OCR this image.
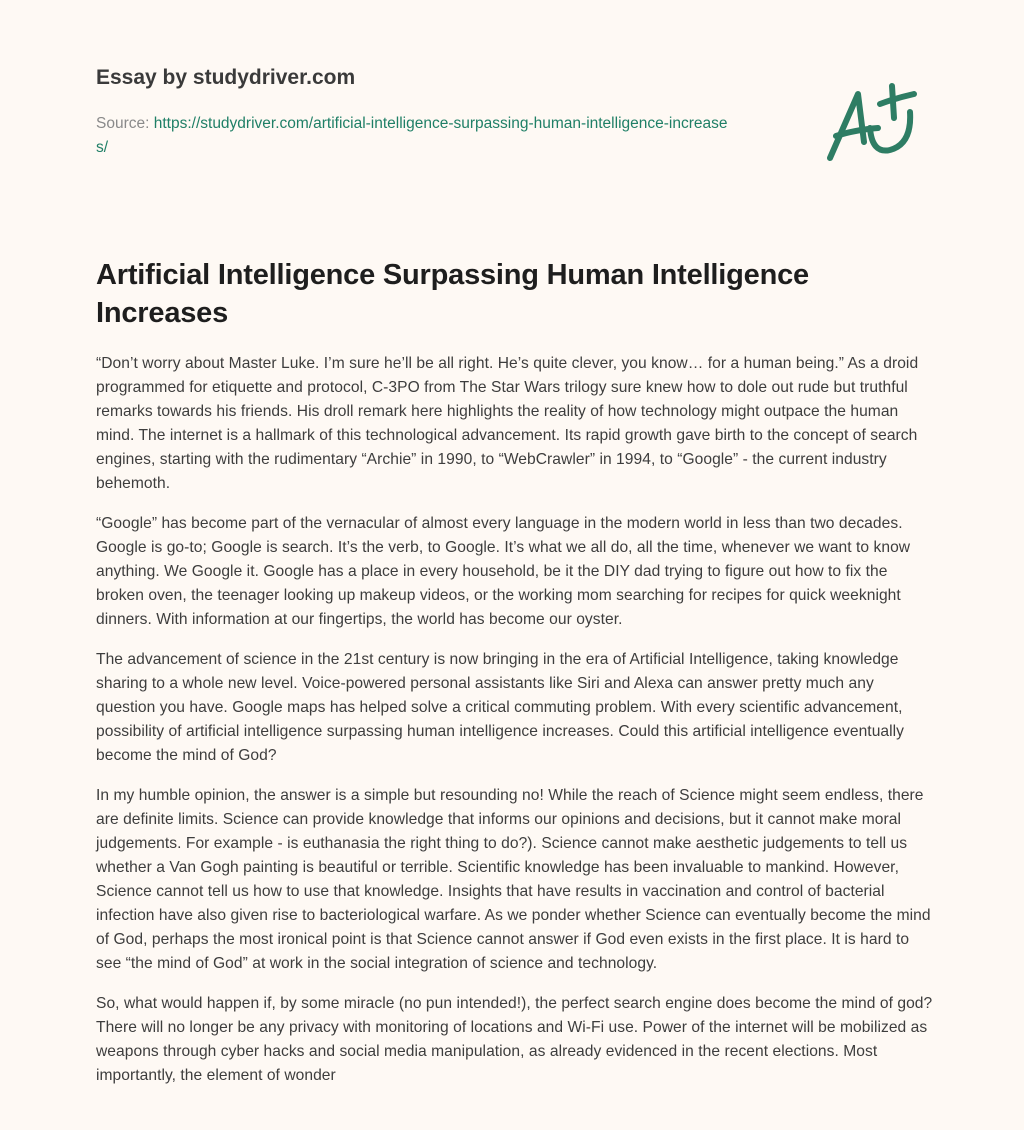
Essay by studydriver.com
Source: https://studydriver.com/artificial-intelligence-surpassing-human-intelligence-increases/
Artificial Intelligence Surpassing Human Intelligence Increases

“Don’t worry about Master Luke. I’m sure he’ll be all right. He’s quite clever, you know… for a human being.” As a droid programmed for etiquette and protocol, C-3PO from The Star Wars trilogy sure knew how to dole out rude but truthful remarks towards his friends. His droll remark here highlights the reality of how technology might outpace the human mind. The internet is a hallmark of this technological advancement. Its rapid growth gave birth to the concept of search engines, starting with the rudimentary “Archie” in 1990, to “WebCrawler” in 1994, to “Google” - the current industry behemoth.

“Google” has become part of the vernacular of almost every language in the modern world in less than two decades. Google is go-to; Google is search. It’s the verb, to Google. It’s what we all do, all the time, whenever we want to know anything. We Google it. Google has a place in every household, be it the DIY dad trying to figure out how to fix the broken oven, the teenager looking up makeup videos, or the working mom searching for recipes for quick weeknight dinners. With information at our fingertips, the world has become our oyster.

The advancement of science in the 21st century is now bringing in the era of Artificial Intelligence, taking knowledge sharing to a whole new level. Voice-powered personal assistants like Siri and Alexa can answer pretty much any question you have. Google maps has helped solve a critical commuting problem. With every scientific advancement, possibility of artificial intelligence surpassing human intelligence increases. Could this artificial intelligence eventually become the mind of God?

In my humble opinion, the answer is a simple but resounding no! While the reach of Science might seem endless, there are definite limits. Science can provide knowledge that informs our opinions and decisions, but it cannot make moral judgements. For example - is euthanasia the right thing to do?). Science cannot make aesthetic judgements to tell us whether a Van Gogh painting is beautiful or terrible. Scientific knowledge has been invaluable to mankind. However, Science cannot tell us how to use that knowledge. Insights that have results in vaccination and control of bacterial infection have also given rise to bacteriological warfare. As we ponder whether Science can eventually become the mind of God, perhaps the most ironical point is that Science cannot answer if God even exists in the first place. It is hard to see “the mind of God” at work in the social integration of science and technology.

So, what would happen if, by some miracle (no pun intended!), the perfect search engine does become the mind of god? There will no longer be any privacy with monitoring of locations and Wi-Fi use. Power of the internet will be mobilized as weapons through cyber hacks and social media manipulation, as already evidenced in the recent elections. Most importantly, the element of wonder
